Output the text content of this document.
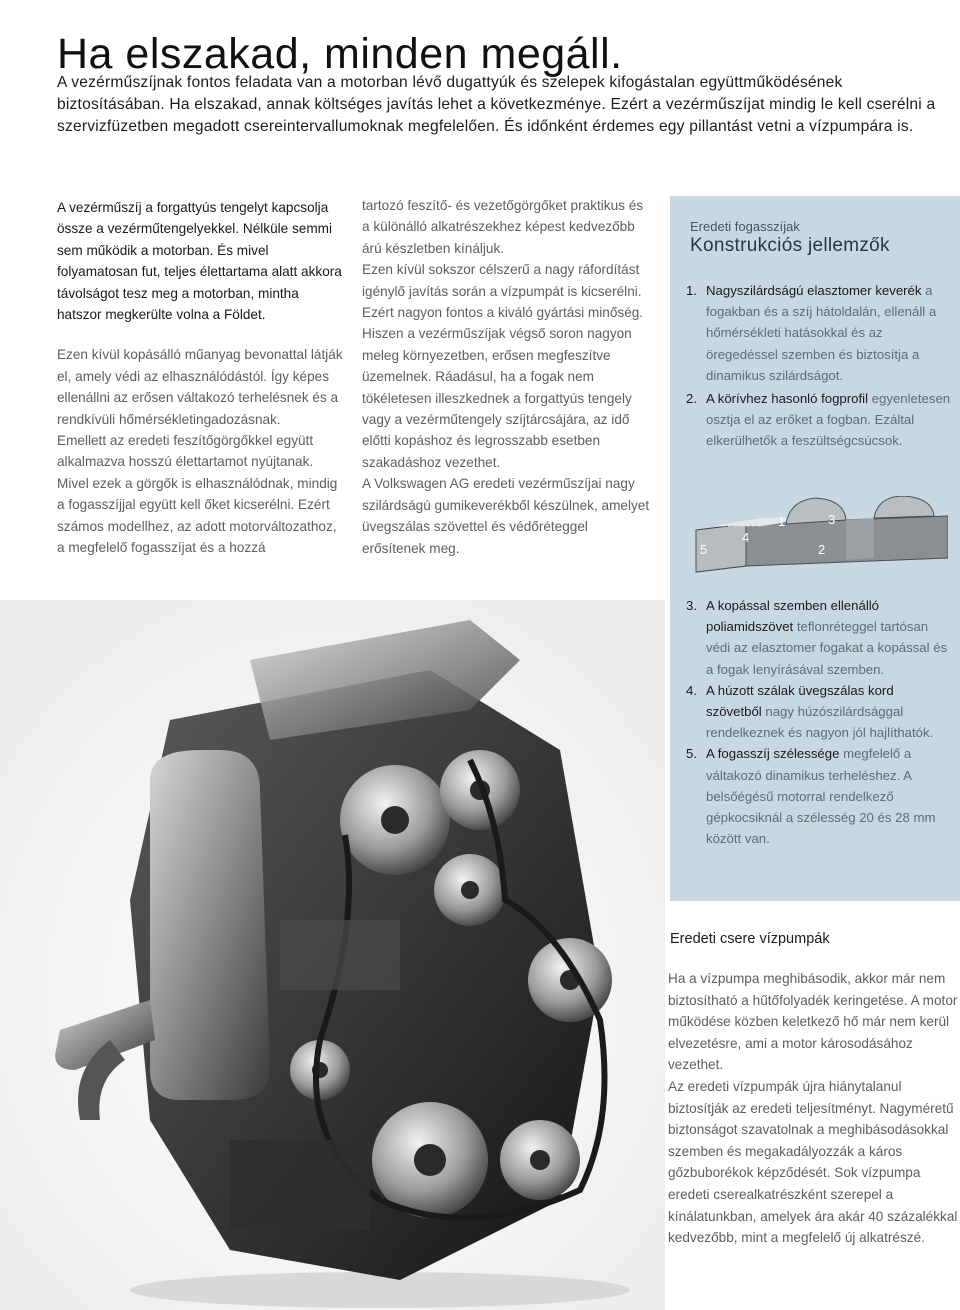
Ha elszakad, minden megáll.
A vezérműszíjnak fontos feladata van a motorban lévő dugattyúk és szelepek kifogástalan együttműködésének biztosításában. Ha elszakad, annak költséges javítás lehet a következménye. Ezért a vezérműszíjat mindig le kell cserélni a szervizfüzetben megadott csereintervallumoknak megfelelően. És időnként érdemes egy pillantást vetni a vízpumpára is.

A vezérműszíj a forgattyús tengelyt kapcsolja össze a vezérműtengelyekkel. Nélküle semmi sem működik a motorban. És mivel folyamatosan fut, teljes élettartama alatt akkora távolságot tesz meg a motorban, mintha hatszor megkerülte volna a Földet.

Ezen kívül kopásálló műanyag bevonattal látják el, amely védi az elhasználódástól. Így képes ellenállni az erősen váltakozó terhelésnek és a rendkívüli hőmérsékletingadozásnak.

Emellett az eredeti feszítőgörgőkkel együtt alkalmazva hosszú élettartamot nyújtanak. Mivel ezek a görgők is elhasználódnak, mindig a fogasszíjjal együtt kell őket kicserélni. Ezért számos modellhez, az adott motorváltozathoz, a megfelelő fogasszíjat és a hozzá

tartozó feszítő- és vezetőgörgőket praktikus és a különálló alkatrészekhez képest kedvezőbb árú készletben kínáljuk.

Ezen kívül sokszor célszerű a nagy ráfordítást igénylő javítás során a vízpumpát is kicserélni.

Ezért nagyon fontos a kiváló gyártási minőség. Hiszen a vezérműszíjak végső soron nagyon meleg környezetben, erősen megfeszítve üzemelnek. Ráadásul, ha a fogak nem tökéletesen illeszkednek a forgattyús tengely vagy a vezérműtengely szíjtárcsájára, az idő előtti kopáshoz és legrosszabb esetben szakadáshoz vezethet.

A Volkswagen AG eredeti vezérműszíjai nagy szilárdságú gumikeverékből készülnek, amelyet üvegszálas szövettel és védőréteggel erősítenek meg.

Eredeti fogasszíjak
Konstrukciós jellemzők
1. Nagyszilárdságú elasztomer keverék a fogakban és a szíj hátoldalán, ellenáll a hőmérsékleti hatásokkal és az öregedéssel szemben és biztosítja a dinamikus szilárdságot.
2. A körívhez hasonló fogprofil egyenletesen osztja el az erőket a fogban. Ezáltal elkerülhetők a feszültségcsúcsok.
5
4
1
2
3
3. A kopással szemben ellenálló poliamidszövet teflonréteggel tartósan védi az elasztomer fogakat a kopással és a fogak lenyírásával szemben.
4. A húzott szálak üvegszálas kord szövetből nagy húzószilárdsággal rendelkeznek és nagyon jól hajlíthatók.
5. A fogasszíj szélessége megfelelő a váltakozó dinamikus terheléshez. A belsőégésű motorral rendelkező gépkocsiknál a szélesség 20 és 28 mm között van.
Eredeti csere vízpumpák

Ha a vízpumpa meghibásodik, akkor már nem biztosítható a hűtőfolyadék keringetése. A motor működése közben keletkező hő már nem kerül elvezetésre, ami a motor károsodásához vezethet.

Az eredeti vízpumpák újra hiánytalanul biztosítják az eredeti teljesítményt. Nagyméretű biztonságot szavatolnak a meghibásodásokkal szemben és megakadályozzák a káros gőzbuborékok képződését. Sok vízpumpa eredeti cserealkatrészként szerepel a kínálatunkban, amelyek ára akár 40 százalékkal kedvezőbb, mint a megfelelő új alkatrészé.
